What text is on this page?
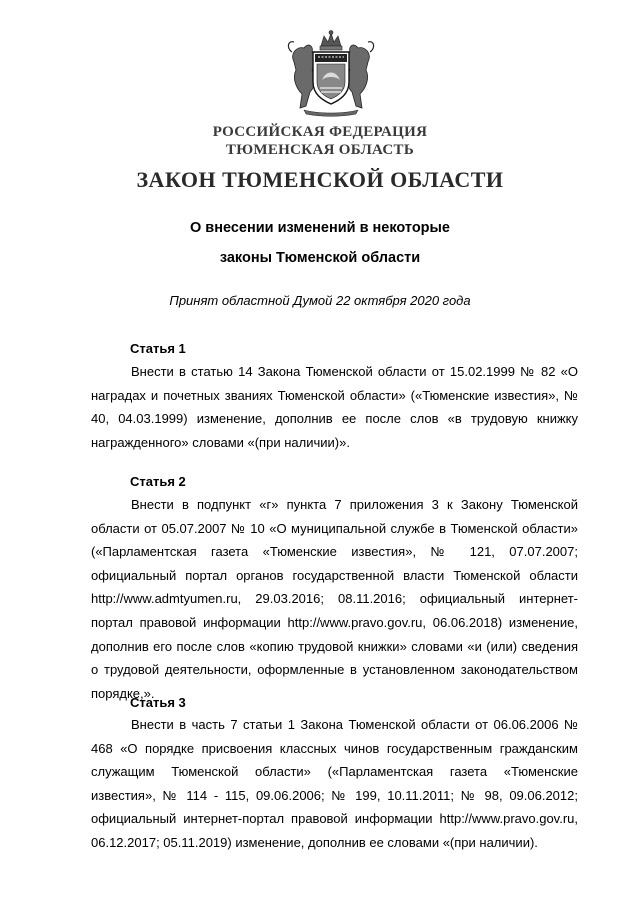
РОССИЙСКАЯ ФЕДЕРАЦИЯ
ТЮМЕНСКАЯ ОБЛАСТЬ
ЗАКОН ТЮМЕНСКОЙ ОБЛАСТИ
О внесении изменений в некоторые
законы Тюменской области
Принят областной Думой 22 октября 2020 года
Статья 1

Внести в статью 14 Закона Тюменской области от 15.02.1999 № 82 «О наградах и почетных званиях Тюменской области» («Тюменские известия», № 40, 04.03.1999) изменение, дополнив ее после слов «в трудовую книжку награжденного» словами «(при наличии)».

Статья 2

Внести в подпункт «г» пункта 7 приложения 3 к Закону Тюменской области от 05.07.2007 № 10 «О муниципальной службе в Тюменской области» («Парламентская газета «Тюменские известия», № 121, 07.07.2007; официальный портал органов государственной власти Тюменской области http://www.admtyumen.ru, 29.03.2016; 08.11.2016; официальный интернет-портал правовой информации http://www.pravo.gov.ru, 06.06.2018) изменение, дополнив его после слов «копию трудовой книжки» словами «и (или) сведения о трудовой деятельности, оформленные в установленном законодательством порядке,».

Статья 3

Внести в часть 7 статьи 1 Закона Тюменской области от 06.06.2006 № 468 «О порядке присвоения классных чинов государственным гражданским служащим Тюменской области» («Парламентская газета «Тюменские известия», № 114 - 115, 09.06.2006; № 199, 10.11.2011; № 98, 09.06.2012; официальный интернет-портал правовой информации http://www.pravo.gov.ru, 06.12.2017; 05.11.2019) изменение, дополнив ее словами «(при наличии).
